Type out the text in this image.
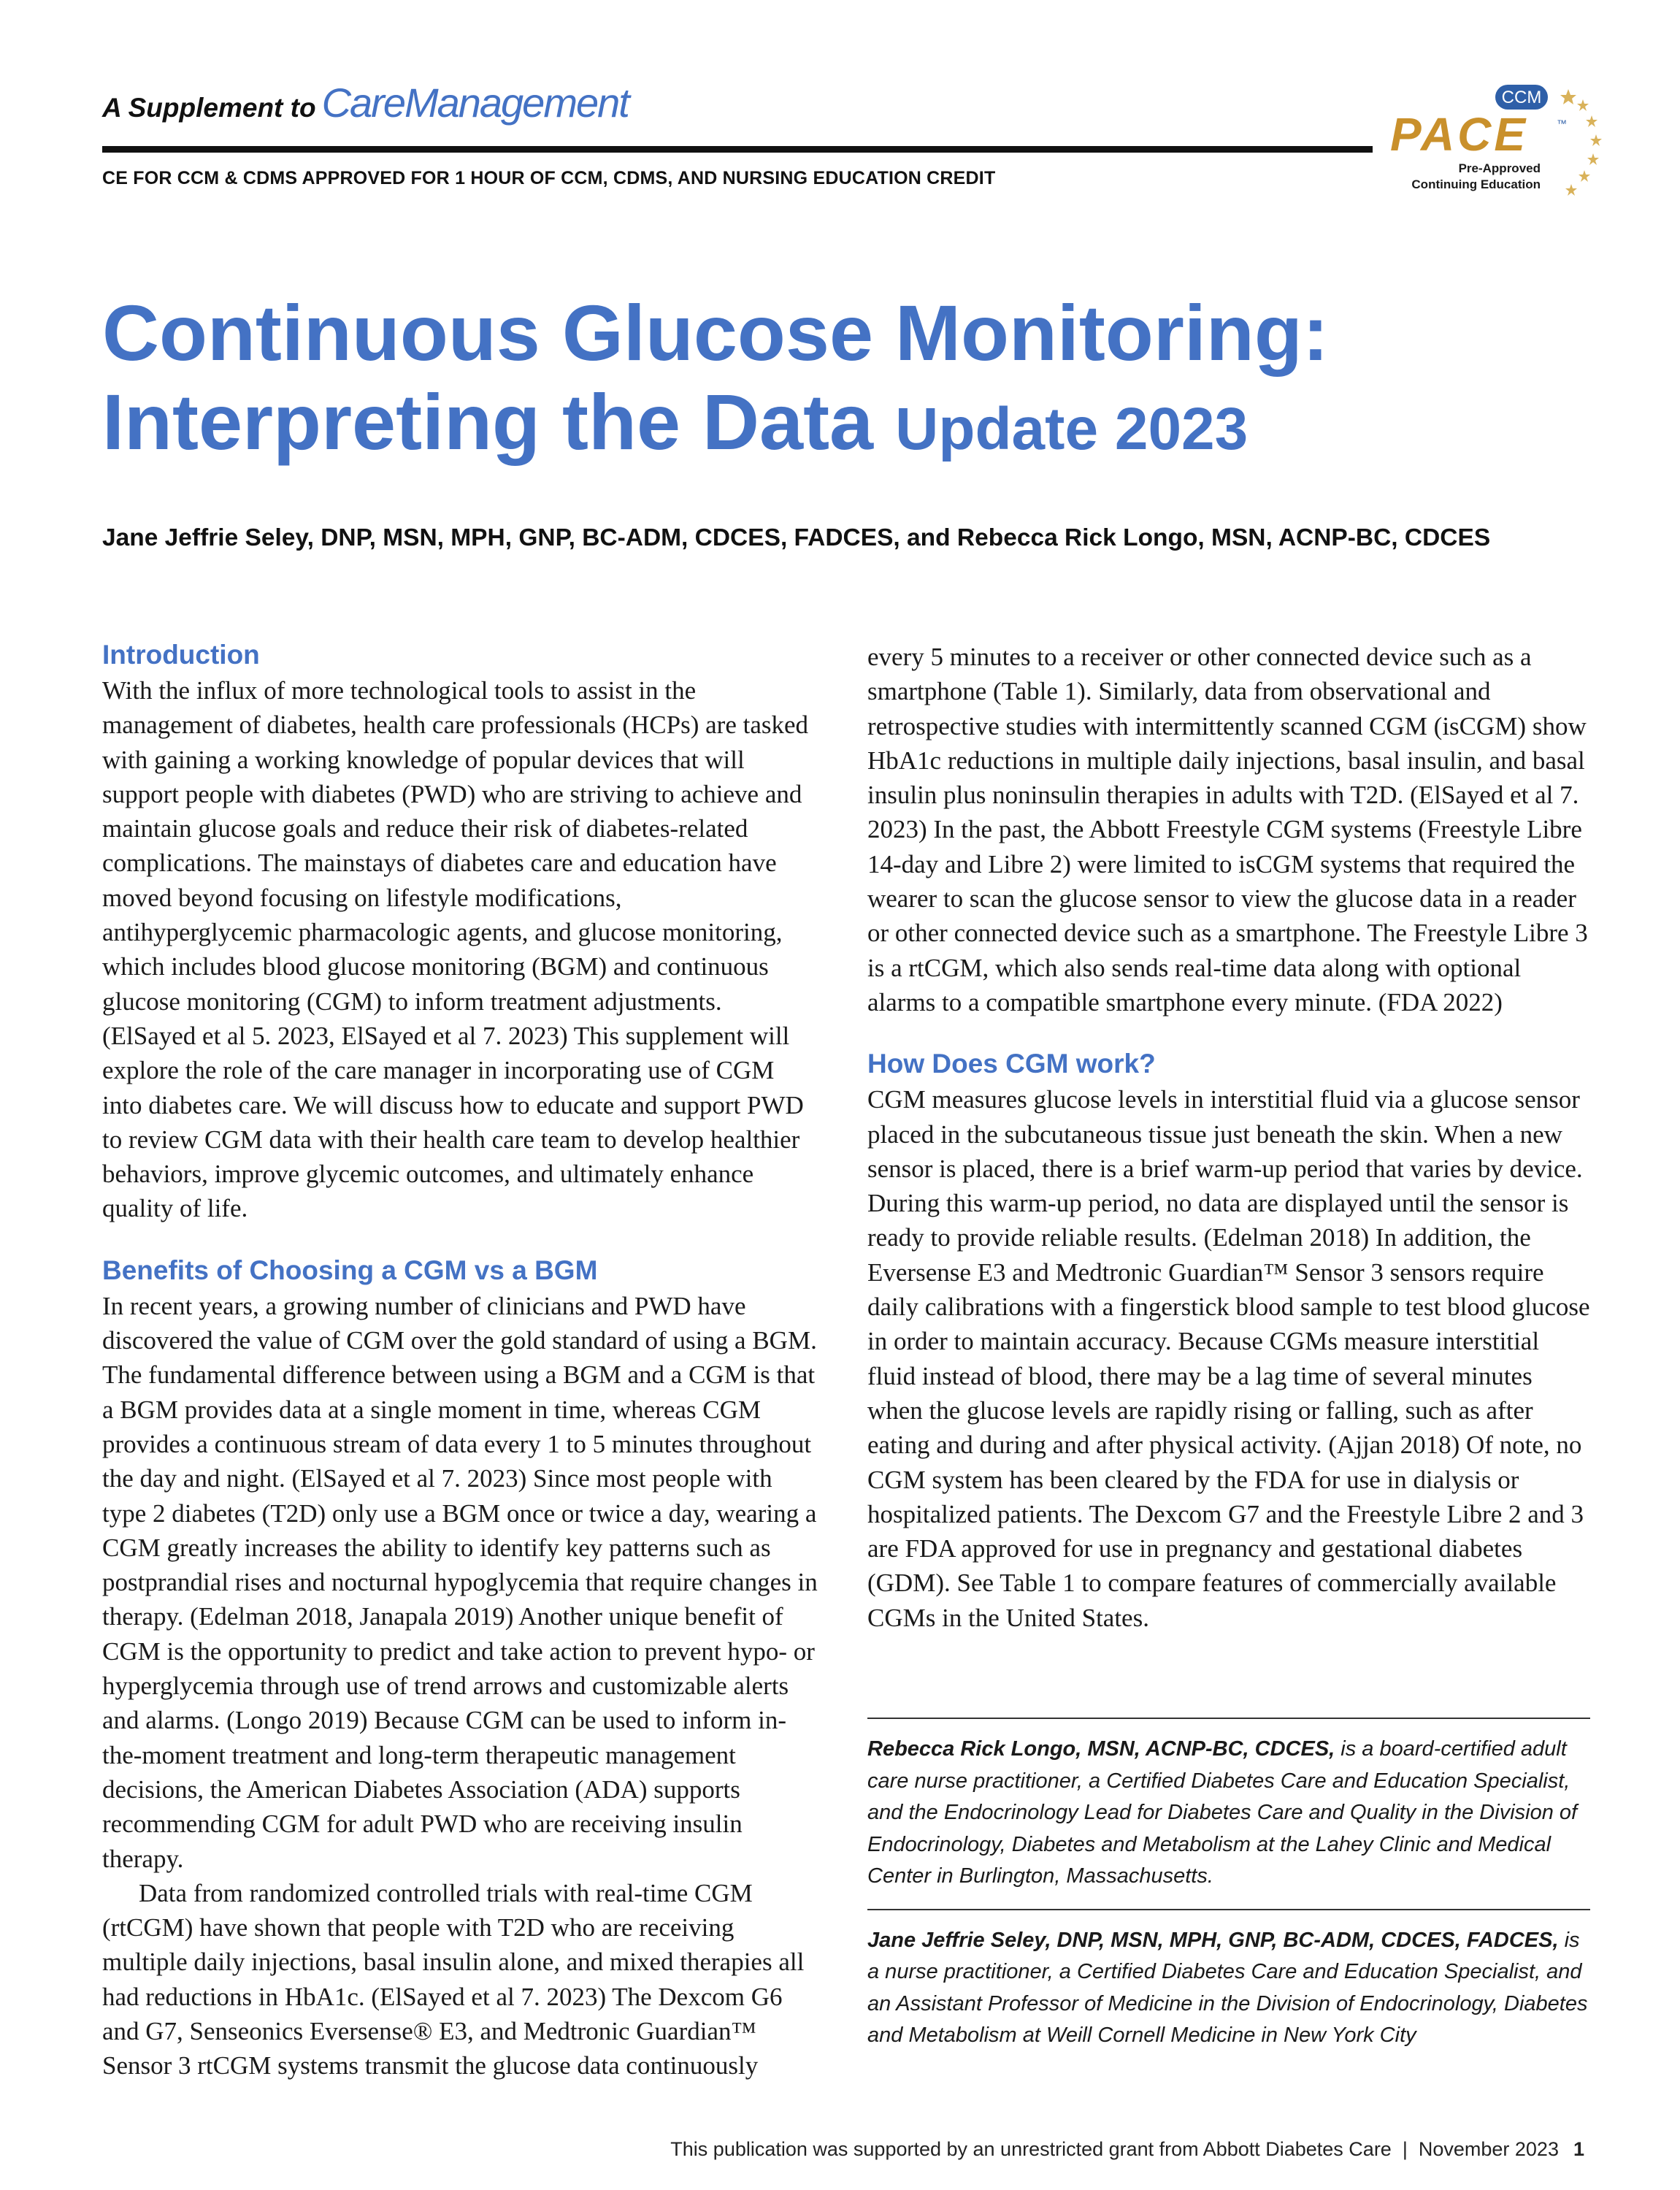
A Supplement to CareManagement
CE FOR CCM & CDMS APPROVED FOR 1 HOUR OF CCM, CDMS, AND NURSING EDUCATION CREDIT
CCM
PACE	™
Pre-Approved
Continuing Education
Continuous Glucose Monitoring:
Interpreting the Data Update 2023
Jane Jeffrie Seley, DNP, MSN, MPH, GNP, BC-ADM, CDCES, FADCES, and Rebecca Rick Longo, MSN, ACNP-BC, CDCES
Introduction

With the influx of more technological tools to assist in the management of diabetes, health care professionals (HCPs) are tasked with gaining a working knowledge of popular devices that will support people with diabetes (PWD) who are striving to achieve and maintain glucose goals and reduce their risk of diabetes-related complications. The mainstays of diabetes care and education have moved beyond focusing on lifestyle modifications, antihyperglycemic pharmacologic agents, and glucose monitoring, which includes blood glucose monitoring (BGM) and continuous glucose monitoring (CGM) to inform treatment adjustments. (ElSayed et al 5. 2023, ElSayed et al 7. 2023) This supplement will explore the role of the care manager in incorporating use of CGM into diabetes care. We will discuss how to educate and support PWD to review CGM data with their health care team to develop healthier behaviors, improve glycemic outcomes, and ultimately enhance quality of life.

Benefits of Choosing a CGM vs a BGM

In recent years, a growing number of clinicians and PWD have discovered the value of CGM over the gold standard of using a BGM. The fundamental difference between using a BGM and a CGM is that a BGM provides data at a single moment in time, whereas CGM provides a continuous stream of data every 1 to 5 minutes throughout the day and night. (ElSayed et al 7. 2023) Since most people with type 2 diabetes (T2D) only use a BGM once or twice a day, wearing a CGM greatly increases the ability to identify key patterns such as postprandial rises and nocturnal hypoglycemia that require changes in therapy. (Edelman 2018, Janapala 2019) Another unique benefit of CGM is the opportunity to predict and take action to prevent hypo- or hyperglycemia through use of trend arrows and customizable alerts and alarms. (Longo 2019) Because CGM can be used to inform in-the-moment treatment and long-term therapeutic management decisions, the American Diabetes Association (ADA) supports recommending CGM for adult PWD who are receiving insulin therapy.

Data from randomized controlled trials with real-time CGM (rtCGM) have shown that people with T2D who are receiving multiple daily injections, basal insulin alone, and mixed therapies all had reductions in HbA1c. (ElSayed et al 7. 2023) The Dexcom G6 and G7, Senseonics Eversense® E3, and Medtronic Guardian™ Sensor 3 rtCGM systems transmit the glucose data continuously

every 5 minutes to a receiver or other connected device such as a smartphone (Table 1). Similarly, data from observational and retrospective studies with intermittently scanned CGM (isCGM) show HbA1c reductions in multiple daily injections, basal insulin, and basal insulin plus noninsulin therapies in adults with T2D. (ElSayed et al 7. 2023) In the past, the Abbott Freestyle CGM systems (Freestyle Libre 14-day and Libre 2) were limited to isCGM systems that required the wearer to scan the glucose sensor to view the glucose data in a reader or other connected device such as a smartphone. The Freestyle Libre 3 is a rtCGM, which also sends real-time data along with optional alarms to a compatible smartphone every minute. (FDA 2022)

How Does CGM work?

CGM measures glucose levels in interstitial fluid via a glucose sensor placed in the subcutaneous tissue just beneath the skin. When a new sensor is placed, there is a brief warm-up period that varies by device. During this warm-up period, no data are displayed until the sensor is ready to provide reliable results. (Edelman 2018) In addition, the Eversense E3 and Medtronic Guardian™ Sensor 3 sensors require daily calibrations with a fingerstick blood sample to test blood glucose in order to maintain accuracy. Because CGMs measure interstitial fluid instead of blood, there may be a lag time of several minutes when the glucose levels are rapidly rising or falling, such as after eating and during and after physical activity. (Ajjan 2018) Of note, no CGM system has been cleared by the FDA for use in dialysis or hospitalized patients. The Dexcom G7 and the Freestyle Libre 2 and 3 are FDA approved for use in pregnancy and gestational diabetes (GDM). See Table 1 to compare features of commercially available CGMs in the United States.

Rebecca Rick Longo, MSN, ACNP-BC, CDCES, is a board-certified adult care nurse practitioner, a Certified Diabetes Care and Education Specialist, and the Endocrinology Lead for Diabetes Care and Quality in the Division of Endocrinology, Diabetes and Metabolism at the Lahey Clinic and Medical Center in Burlington, Massachusetts.
Jane Jeffrie Seley, DNP, MSN, MPH, GNP, BC-ADM, CDCES, FADCES, is a nurse practitioner, a Certified Diabetes Care and Education Specialist, and an Assistant Professor of Medicine in the Division of Endocrinology, Diabetes and Metabolism at Weill Cornell Medicine in New York City
This publication was supported by an unrestricted grant from Abbott Diabetes Care  |  November 2023 1
